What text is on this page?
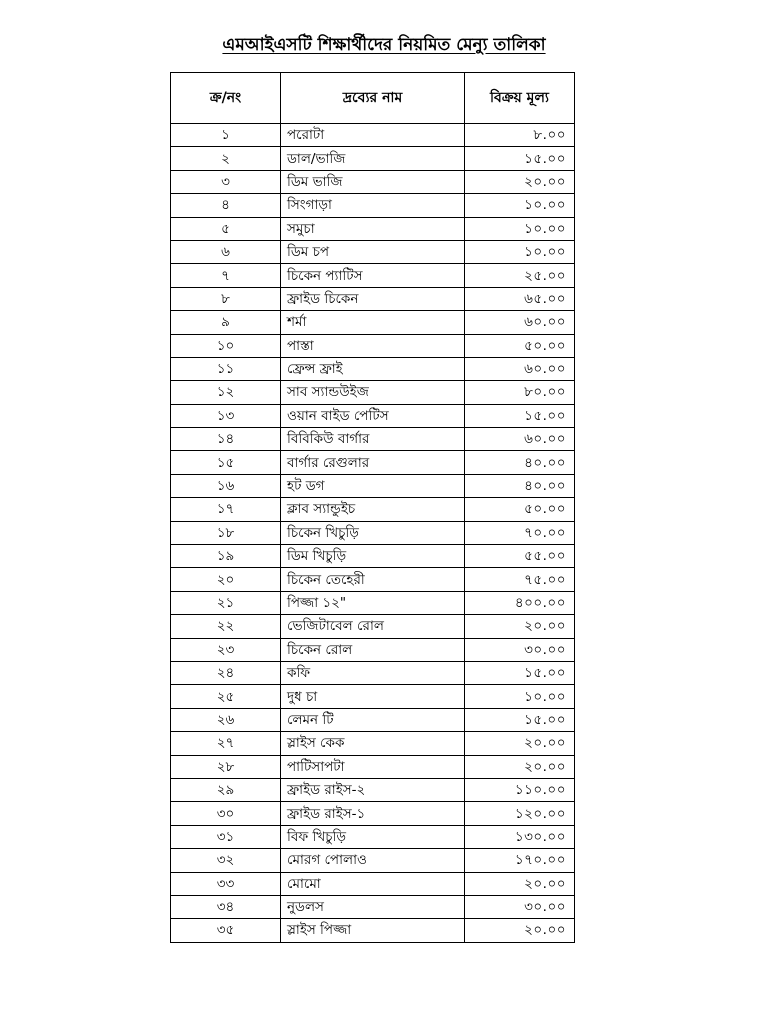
এমআইএসটি শিক্ষার্থীদের নিয়মিত মেন্যু তালিকা
ক্র/নং	দ্রব্যের নাম	বিক্রয় মূল্য
১	পরোটা	৮.০০
২	ডাল/ভাজি	১৫.০০
৩	ডিম ভাজি	২০.০০
৪	সিংগাড়া	১০.০০
৫	সমুচা	১০.০০
৬	ডিম চপ	১০.০০
৭	চিকেন প্যাটিস	২৫.০০
৮	ফ্রাইড চিকেন	৬৫.০০
৯	শর্মা	৬০.০০
১০	পাস্তা	৫০.০০
১১	ফ্রেন্স ফ্রাই	৬০.০০
১২	সাব স্যান্ডউইজ	৮০.০০
১৩	ওয়ান বাইড পেটিস	১৫.০০
১৪	বিবিকিউ বার্গার	৬০.০০
১৫	বার্গার রেগুলার	৪০.০০
১৬	হট ডগ	৪০.০০
১৭	ক্লাব স্যান্ডুইচ	৫০.০০
১৮	চিকেন খিচুড়ি	৭০.০০
১৯	ডিম খিচুড়ি	৫৫.০০
২০	চিকেন তেহেরী	৭৫.০০
২১	পিজ্জা ১২"	৪০০.০০
২২	ভেজিটাবেল রোল	২০.০০
২৩	চিকেন রোল	৩০.০০
২৪	কফি	১৫.০০
২৫	দুধ চা	১০.০০
২৬	লেমন টি	১৫.০০
২৭	স্লাইস কেক	২০.০০
২৮	পাটিসাপটা	২০.০০
২৯	ফ্রাইড রাইস-২	১১০.০০
৩০	ফ্রাইড রাইস-১	১২০.০০
৩১	বিফ খিচুড়ি	১৩০.০০
৩২	মোরগ পোলাও	১৭০.০০
৩৩	মোমো	২০.০০
৩৪	নুডলস	৩০.০০
৩৫	স্লাইস পিজ্জা	২০.০০
